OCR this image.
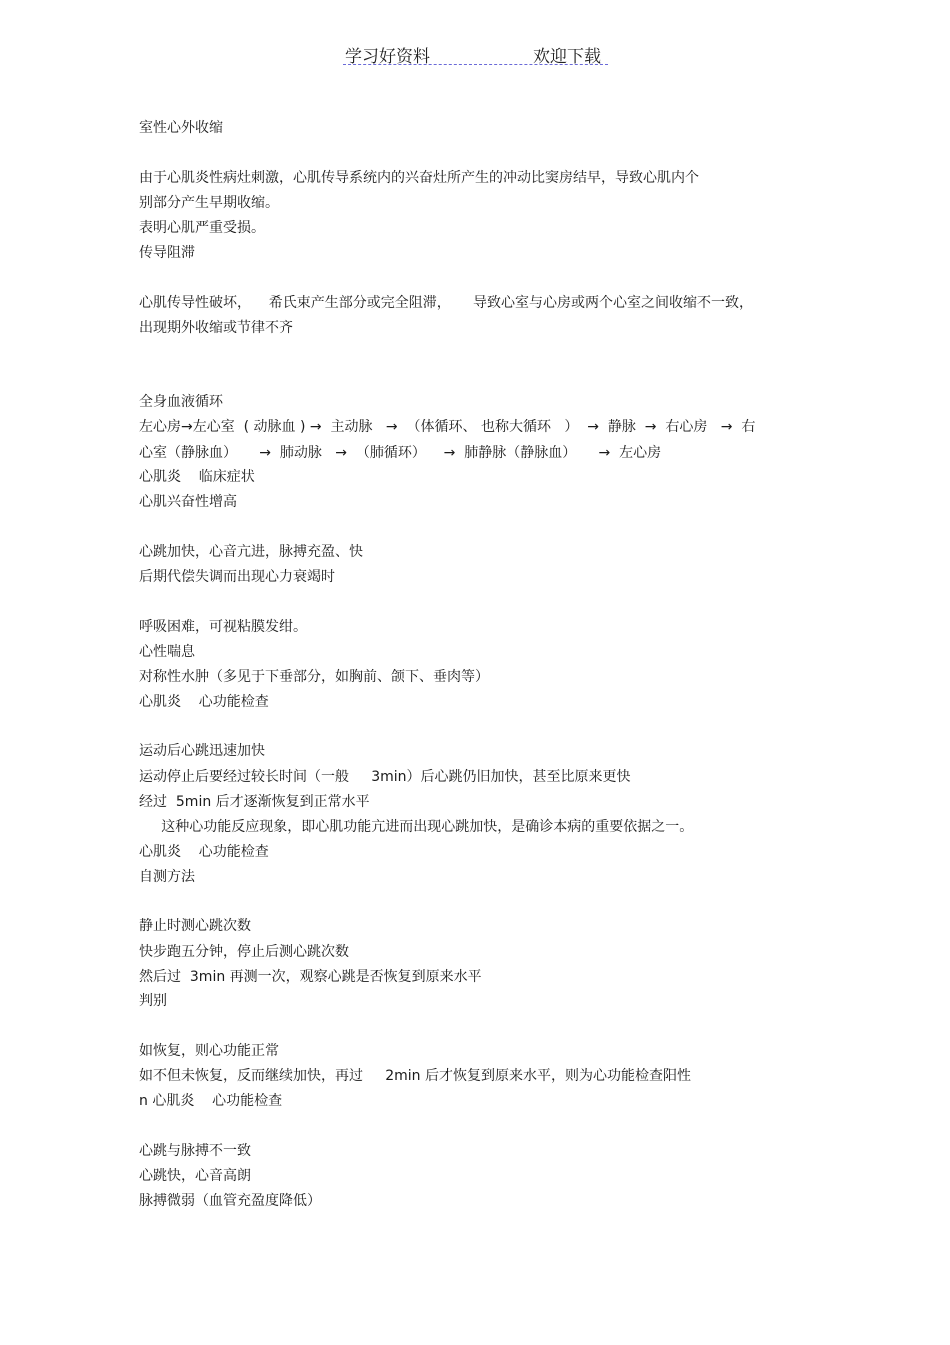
学习好资料	欢迎下载
室性心外收缩
由于心肌炎性病灶刺激，心肌传导系统内的兴奋灶所产生的冲动比窦房结早，导致心肌内个
别部分产生早期收缩。
表明心肌严重受损。
传导阻滞
心肌传导性破坏，    希氏束产生部分或完全阻滞，     导致心室与心房或两个心室之间收缩不一致，
出现期外收缩或节律不齐
全身血液循环
左心房→左心室  ( 动脉血 ) →  主动脉   →  （体循环、 也称大循环   ）  →  静脉  →  右心房   →  右
心室（静脉血）     →  肺动脉   →  （肺循环）    →  肺静脉（静脉血）     →  左心房
心肌炎    临床症状
心肌兴奋性增高
心跳加快，心音亢进，脉搏充盈、快
后期代偿失调而出现心力衰竭时
呼吸困难，可视粘膜发绀。
心性喘息
对称性水肿（多见于下垂部分，如胸前、颌下、垂肉等）
心肌炎    心功能检查
运动后心跳迅速加快
运动停止后要经过较长时间（一般     3min）后心跳仍旧加快，甚至比原来更快
经过  5min 后才逐渐恢复到正常水平
这种心功能反应现象，即心肌功能亢进而出现心跳加快，是确诊本病的重要依据之一。
心肌炎    心功能检查
自测方法
静止时测心跳次数
快步跑五分钟，停止后测心跳次数
然后过  3min 再测一次，观察心跳是否恢复到原来水平
判别
如恢复，则心功能正常
如不但未恢复，反而继续加快，再过     2min 后才恢复到原来水平，则为心功能检查阳性
n 心肌炎    心功能检查
心跳与脉搏不一致
心跳快，心音高朗
脉搏微弱（血管充盈度降低）
